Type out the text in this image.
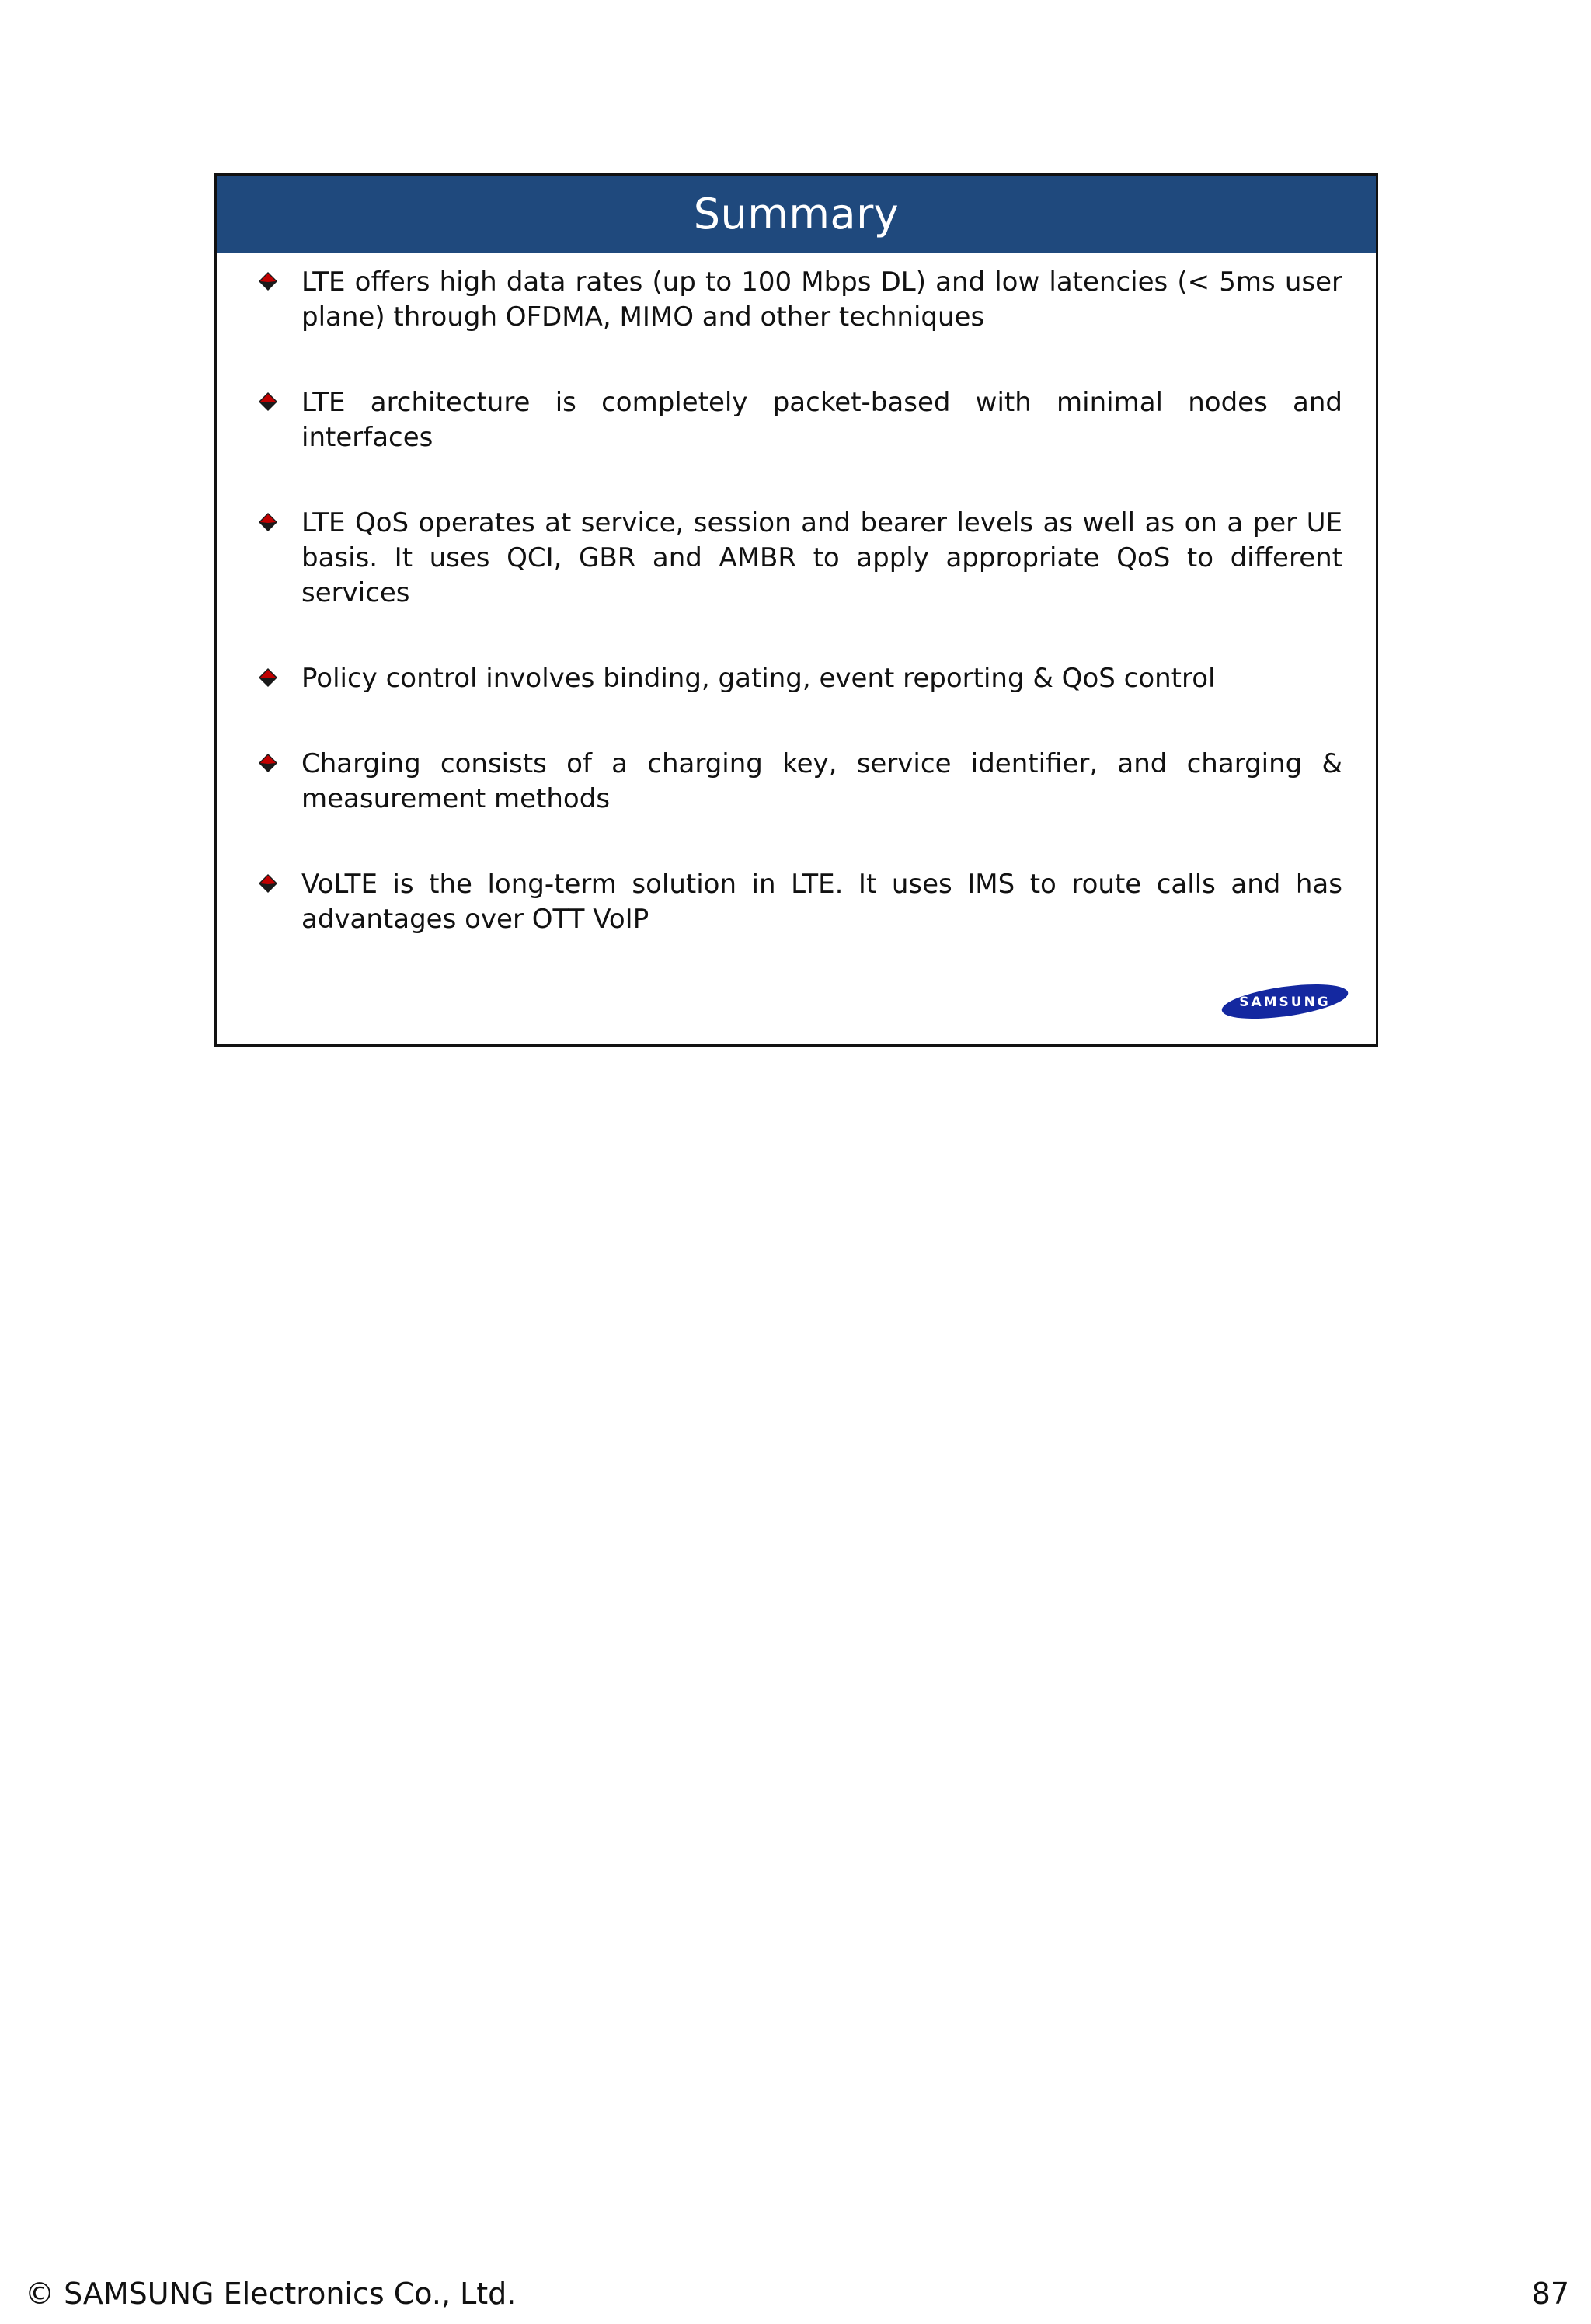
Summary
LTE offers high data rates (up to 100 Mbps DL) and low latencies (< 5ms user plane) through OFDMA, MIMO and other techniques
LTE architecture is completely packet-based with minimal nodes and interfaces
LTE QoS operates at service, session and bearer levels as well as on a per UE basis. It uses QCI, GBR and AMBR to apply appropriate QoS to different services
Policy control involves binding, gating, event reporting & QoS control
Charging consists of a charging key, service identifier, and charging & measurement methods
VoLTE is the long-term solution in LTE. It uses IMS to route calls and has advantages over OTT VoIP
SAMSUNG
© SAMSUNG Electronics Co., Ltd.	87
